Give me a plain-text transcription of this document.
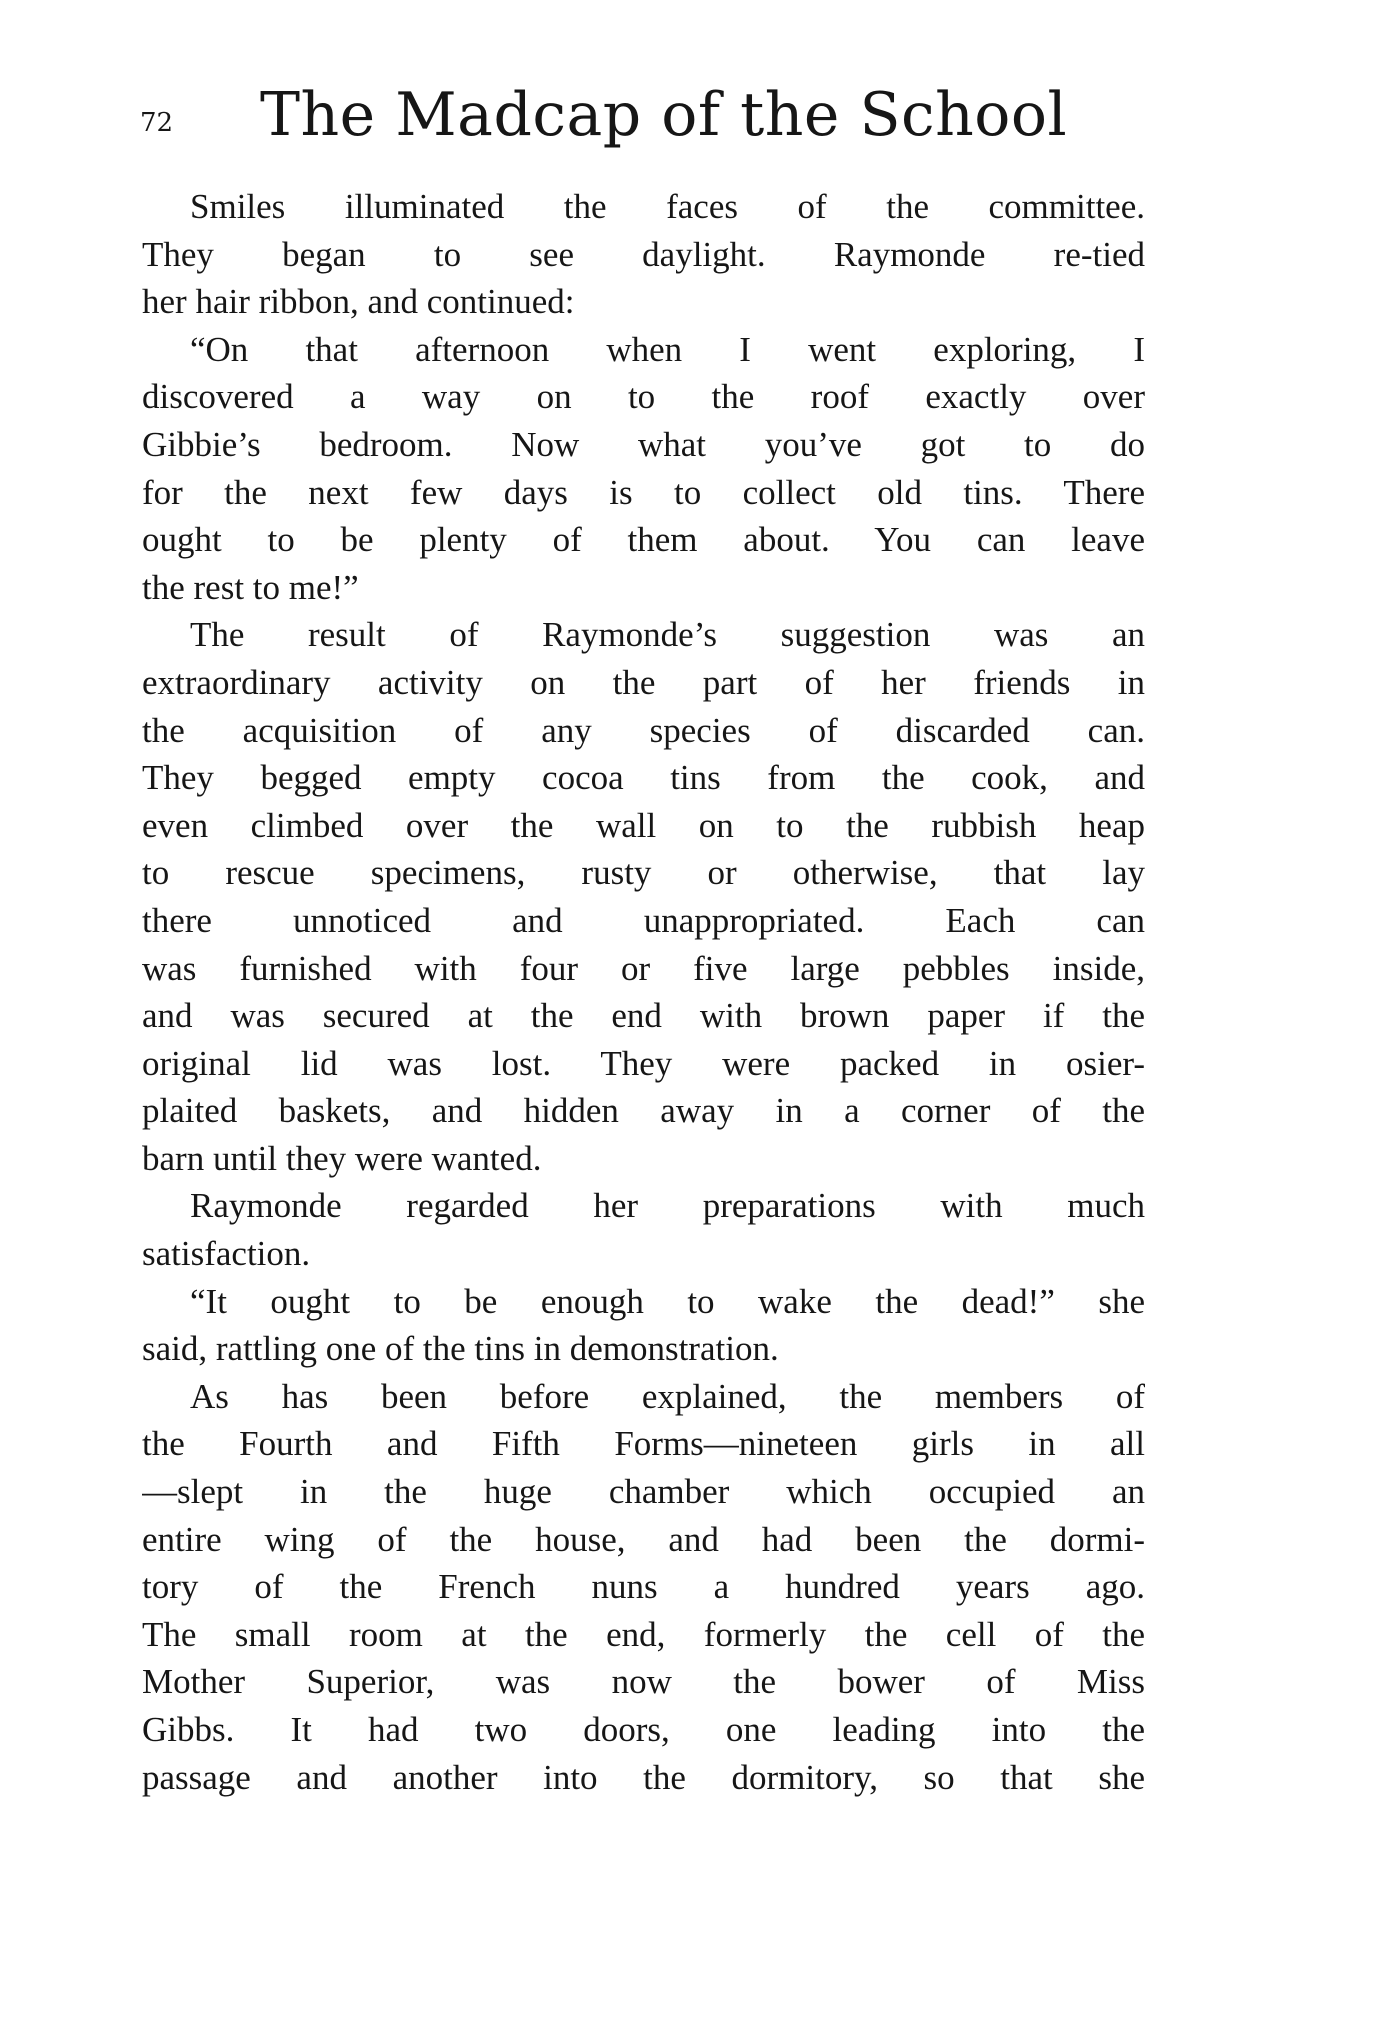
72 The Madcap of the School
Smiles illuminated the faces of the committee.
They began to see daylight. Raymonde re-tied
her hair ribbon, and continued:
“On that afternoon when I went exploring, I
discovered a way on to the roof exactly over
Gibbie’s bedroom. Now what you’ve got to do
for the next few days is to collect old tins. There
ought to be plenty of them about. You can leave
the rest to me!”
The result of Raymonde’s suggestion was an
extraordinary activity on the part of her friends in
the acquisition of any species of discarded can.
They begged empty cocoa tins from the cook, and
even climbed over the wall on to the rubbish heap
to rescue specimens, rusty or otherwise, that lay
there unnoticed and unappropriated. Each can
was furnished with four or five large pebbles inside,
and was secured at the end with brown paper if the
original lid was lost. They were packed in osier-
plaited baskets, and hidden away in a corner of the
barn until they were wanted.
Raymonde regarded her preparations with much
satisfaction.
“It ought to be enough to wake the dead!” she
said, rattling one of the tins in demonstration.
As has been before explained, the members of
the Fourth and Fifth Forms—nineteen girls in all
—slept in the huge chamber which occupied an
entire wing of the house, and had been the dormi-
tory of the French nuns a hundred years ago.
The small room at the end, formerly the cell of the
Mother Superior, was now the bower of Miss
Gibbs. It had two doors, one leading into the
passage and another into the dormitory, so that she
